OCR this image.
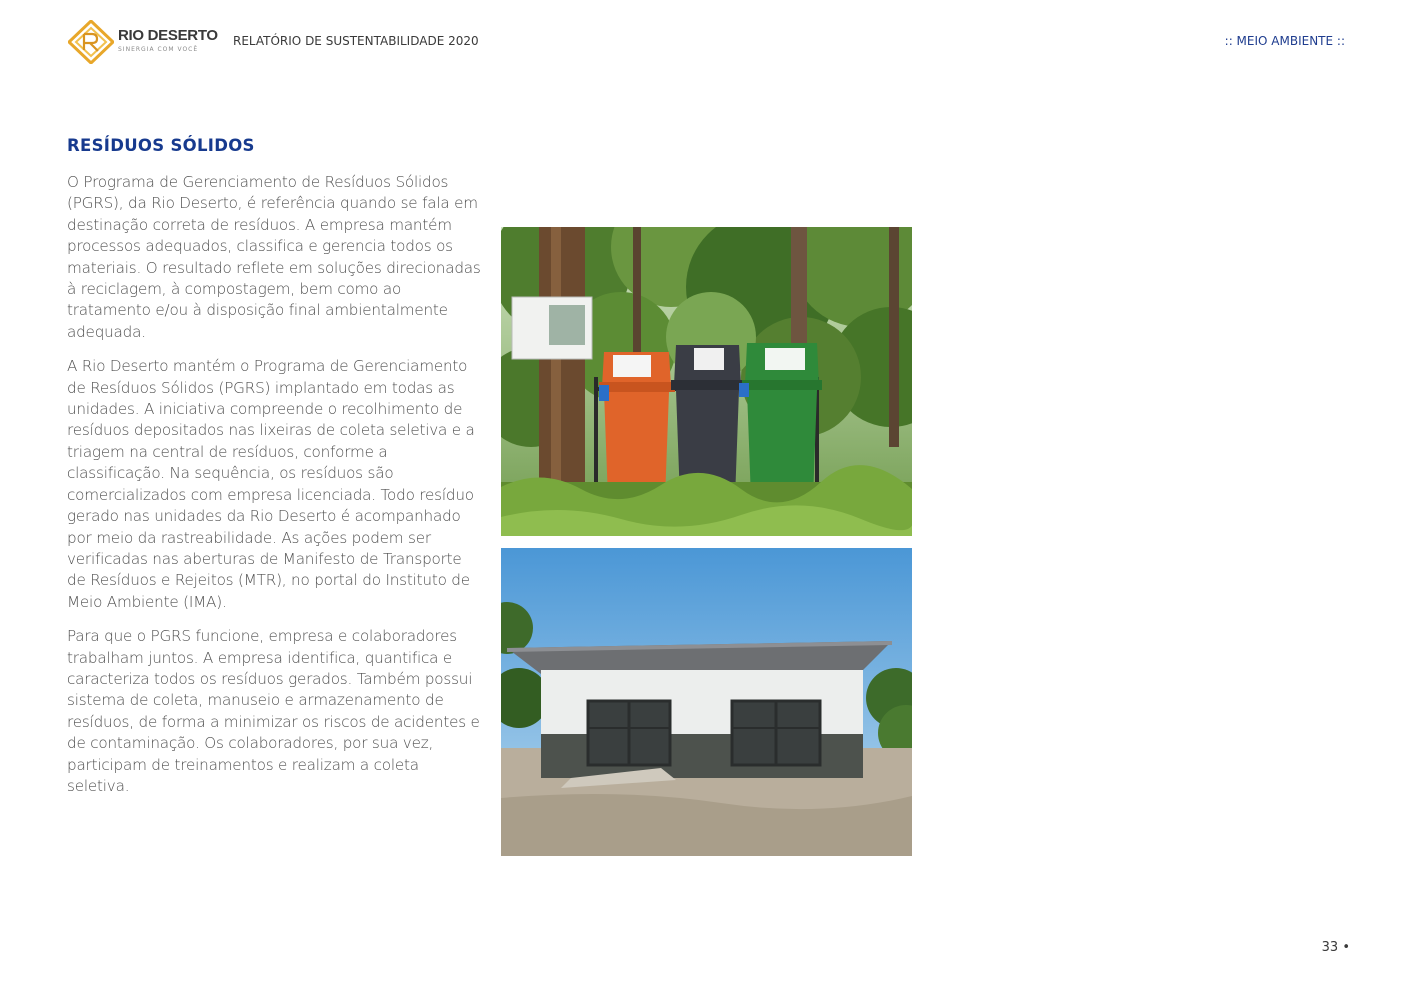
RIO DESERTO
SINERGIA COM VOCÊ
RELATÓRIO DE SUSTENTABILIDADE 2020	:: MEIO AMBIENTE ::
RESÍDUOS SÓLIDOS

O Programa de Gerenciamento de Resíduos Sólidos (PGRS), da Rio Deserto, é referência quando se fala em destinação correta de resíduos. A empresa mantém processos adequados, classifica e gerencia todos os materiais. O resultado reflete em soluções direcionadas à reciclagem, à compostagem, bem como ao tratamento e/ou à disposição final ambientalmente adequada.

A Rio Deserto mantém o Programa de Gerenciamento de Resíduos Sólidos (PGRS) implantado em todas as unidades. A iniciativa compreende o recolhimento de resíduos depositados nas lixeiras de coleta seletiva e a triagem na central de resíduos, conforme a classificação. Na sequência, os resíduos são comercializados com empresa licenciada. Todo resíduo gerado nas unidades da Rio Deserto é acompanhado por meio da rastreabilidade. As ações podem ser verificadas nas aberturas de Manifesto de Transporte de Resíduos e Rejeitos (MTR), no portal do Instituto de Meio Ambiente (IMA).

Para que o PGRS funcione, empresa e colaboradores trabalham juntos. A empresa identifica, quantifica e caracteriza todos os resíduos gerados. Também possui sistema de coleta, manuseio e armazenamento de resíduos, de forma a minimizar os riscos de acidentes e de contaminação. Os colaboradores, por sua vez, participam de treinamentos e realizam a coleta seletiva.

33 •
